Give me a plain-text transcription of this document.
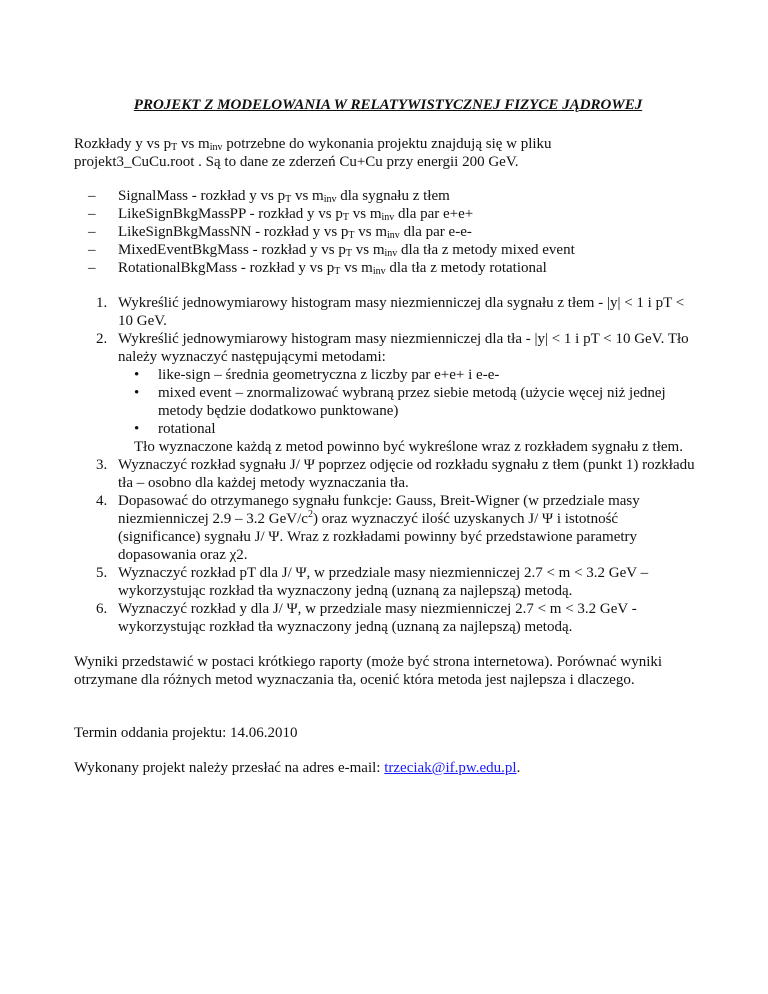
PROJEKT Z MODELOWANIA W RELATYWISTYCZNEJ FIZYCE JĄDROWEJ

Rozkłady y vs $p_T$ vs $m_{inv}$ potrzebne do wykonania projektu znajdują się w pliku
projekt3_CuCu.root . Są to dane ze zderzeń Cu+Cu przy energii 200 GeV.

– SignalMass - rozkład y vs $p_T$ vs $m_{inv}$ dla sygnału z tłem
– LikeSignBkgMassPP - rozkład y vs $p_T$ vs $m_{inv}$ dla par e+e+
– LikeSignBkgMassNN - rozkład y vs $p_T$ vs $m_{inv}$ dla par e-e-
– MixedEventBkgMass - rozkład y vs $p_T$ vs $m_{inv}$ dla tła z metody mixed event
– RotationalBkgMass - rozkład y vs $p_T$ vs $m_{inv}$ dla tła z metody rotational
1. Wykreślić jednowymiarowy histogram masy niezmienniczej dla sygnału z tłem - |y| < 1 i pT < 10 GeV.
2. Wykreślić jednowymiarowy histogram masy niezmienniczej dla tła - |y| < 1 i pT < 10 GeV. Tło należy wyznaczyć następującymi metodami:
• like-sign – średnia geometryczna z liczby par e+e+ i e-e-
• mixed event – znormalizować wybraną przez siebie metodą (użycie węcej niż jednej metody będzie dodatkowo punktowane)
• rotational
Tło wyznaczone każdą z metod powinno być wykreślone wraz z rozkładem sygnału z tłem.
3. Wyznaczyć rozkład sygnału J/ Ψ poprzez odjęcie od rozkładu sygnału z tłem (punkt 1) rozkładu tła – osobno dla każdej metody wyznaczania tła.
4. Dopasować do otrzymanego sygnału funkcje: Gauss, Breit-Wigner (w przedziale masy niezmienniczej 2.9 – 3.2 GeV/$c^2$) oraz wyznaczyć ilość uzyskanych J/ Ψ i istotność (significance) sygnału J/ Ψ. Wraz z rozkładami powinny być przedstawione parametry dopasowania oraz χ2.
5. Wyznaczyć rozkład pT dla J/ Ψ, w przedziale masy niezmienniczej 2.7 < m < 3.2 GeV – wykorzystując rozkład tła wyznaczony jedną (uznaną za najlepszą) metodą.
6. Wyznaczyć rozkład y dla J/ Ψ, w przedziale masy niezmienniczej 2.7 < m < 3.2 GeV - wykorzystując rozkład tła wyznaczony jedną (uznaną za najlepszą) metodą.

Wyniki przedstawić w postaci krótkiego raporty (może być strona internetowa). Porównać wyniki otrzymane dla różnych metod wyznaczania tła, ocenić która metoda jest najlepsza i dlaczego.

Termin oddania projektu: 14.06.2010

Wykonany projekt należy przesłać na adres e-mail: trzeciak@if.pw.edu.pl.
